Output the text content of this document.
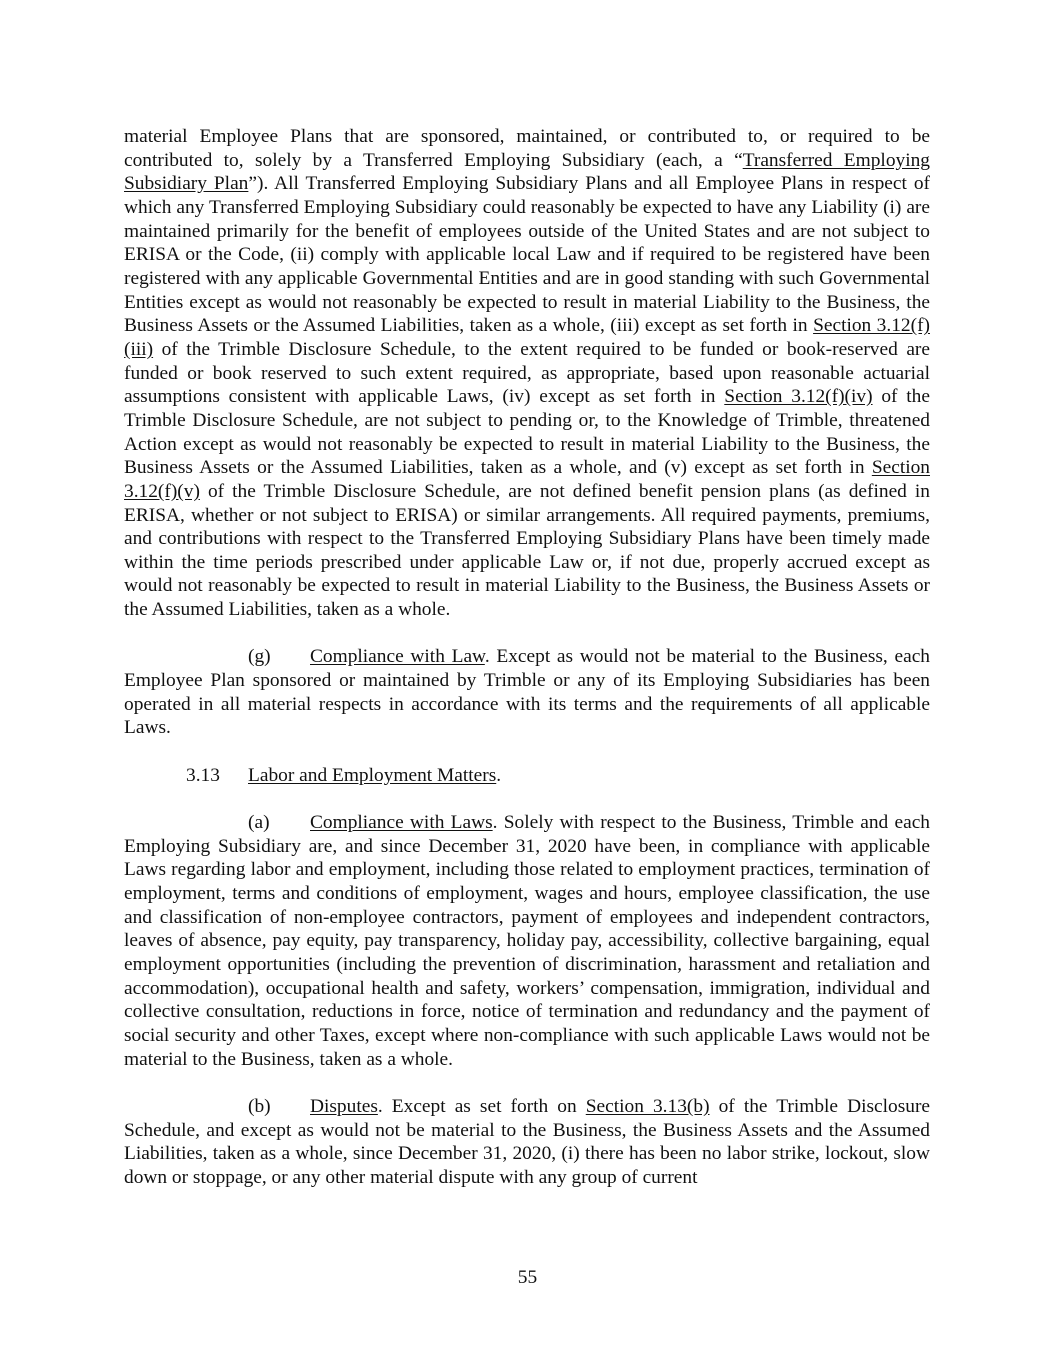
material Employee Plans that are sponsored, maintained, or contributed to, or required to be contributed to, solely by a Transferred Employing Subsidiary (each, a “Transferred Employing Subsidiary Plan”). All Transferred Employing Subsidiary Plans and all Employee Plans in respect of which any Transferred Employing Subsidiary could reasonably be expected to have any Liability (i) are maintained primarily for the benefit of employees outside of the United States and are not subject to ERISA or the Code, (ii) comply with applicable local Law and if required to be registered have been registered with any applicable Governmental Entities and are in good standing with such Governmental Entities except as would not reasonably be expected to result in material Liability to the Business, the Business Assets or the Assumed Liabilities, taken as a whole, (iii) except as set forth in Section 3.12(f)(iii) of the Trimble Disclosure Schedule, to the extent required to be funded or book-reserved are funded or book reserved to such extent required, as appropriate, based upon reasonable actuarial assumptions consistent with applicable Laws, (iv) except as set forth in Section 3.12(f)(iv) of the Trimble Disclosure Schedule, are not subject to pending or, to the Knowledge of Trimble, threatened Action except as would not reasonably be expected to result in material Liability to the Business, the Business Assets or the Assumed Liabilities, taken as a whole, and (v) except as set forth in Section 3.12(f)(v) of the Trimble Disclosure Schedule, are not defined benefit pension plans (as defined in ERISA, whether or not subject to ERISA) or similar arrangements. All required payments, premiums, and contributions with respect to the Transferred Employing Subsidiary Plans have been timely made within the time periods prescribed under applicable Law or, if not due, properly accrued except as would not reasonably be expected to result in material Liability to the Business, the Business Assets or the Assumed Liabilities, taken as a whole.

(g) Compliance with Law. Except as would not be material to the Business, each Employee Plan sponsored or maintained by Trimble or any of its Employing Subsidiaries has been operated in all material respects in accordance with its terms and the requirements of all applicable Laws.

3.13 Labor and Employment Matters.

(a) Compliance with Laws. Solely with respect to the Business, Trimble and each Employing Subsidiary are, and since December 31, 2020 have been, in compliance with applicable Laws regarding labor and employment, including those related to employment practices, termination of employment, terms and conditions of employment, wages and hours, employee classification, the use and classification of non-employee contractors, payment of employees and independent contractors, leaves of absence, pay equity, pay transparency, holiday pay, accessibility, collective bargaining, equal employment opportunities (including the prevention of discrimination, harassment and retaliation and accommodation), occupational health and safety, workers’ compensation, immigration, individual and collective consultation, reductions in force, notice of termination and redundancy and the payment of social security and other Taxes, except where non-compliance with such applicable Laws would not be material to the Business, taken as a whole.

(b) Disputes. Except as set forth on Section 3.13(b) of the Trimble Disclosure Schedule, and except as would not be material to the Business, the Business Assets and the Assumed Liabilities, taken as a whole, since December 31, 2020, (i) there has been no labor strike, lockout, slow down or stoppage, or any other material dispute with any group of current

55
